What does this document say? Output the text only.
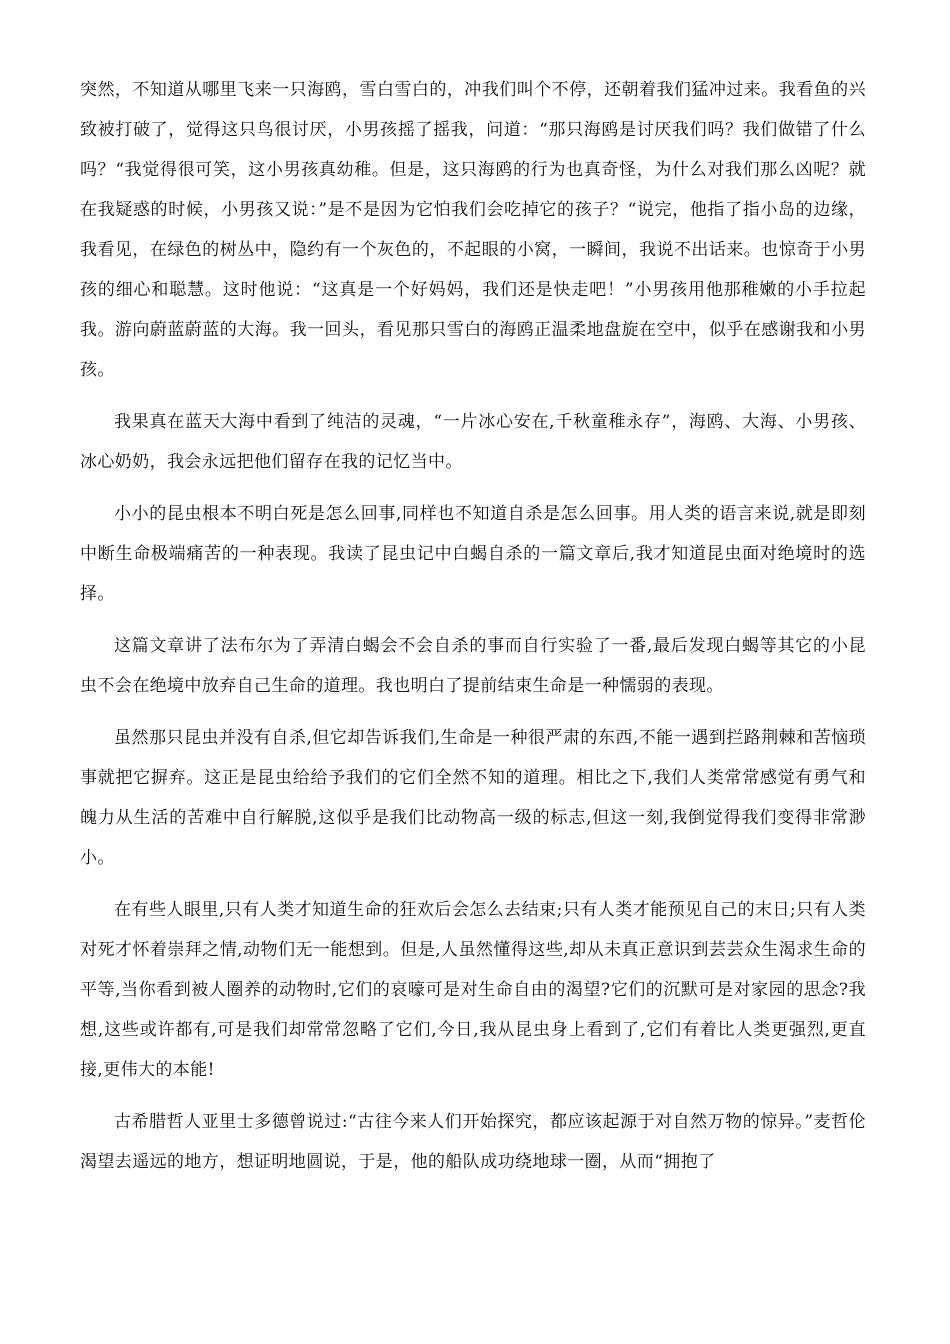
突然，不知道从哪里飞来一只海鸥，雪白雪白的，冲我们叫个不停，还朝着我们猛冲过来。我看鱼的兴致被打破了，觉得这只鸟很讨厌，小男孩摇了摇我，问道：“那只海鸥是讨厌我们吗？我们做错了什么吗？“我觉得很可笑，这小男孩真幼稚。但是，这只海鸥的行为也真奇怪，为什么对我们那么凶呢？就在我疑惑的时候，小男孩又说：”是不是因为它怕我们会吃掉它的孩子？“说完，他指了指小岛的边缘，我看见，在绿色的树丛中，隐约有一个灰色的，不起眼的小窝，一瞬间，我说不出话来。也惊奇于小男孩的细心和聪慧。这时他说：“这真是一个好妈妈，我们还是快走吧！”小男孩用他那稚嫩的小手拉起我。游向蔚蓝蔚蓝的大海。我一回头，看见那只雪白的海鸥正温柔地盘旋在空中，似乎在感谢我和小男孩。

我果真在蓝天大海中看到了纯洁的灵魂，“一片冰心安在,千秋童稚永存”，海鸥、大海、小男孩、冰心奶奶，我会永远把他们留存在我的记忆当中。

小小的昆虫根本不明白死是怎么回事,同样也不知道自杀是怎么回事。用人类的语言来说,就是即刻中断生命极端痛苦的一种表现。我读了昆虫记中白蝎自杀的一篇文章后,我才知道昆虫面对绝境时的选择。

这篇文章讲了法布尔为了弄清白蝎会不会自杀的事而自行实验了一番,最后发现白蝎等其它的小昆虫不会在绝境中放弃自己生命的道理。我也明白了提前结束生命是一种懦弱的表现。

虽然那只昆虫并没有自杀,但它却告诉我们,生命是一种很严肃的东西,不能一遇到拦路荆棘和苦恼琐事就把它摒弃。这正是昆虫给给予我们的它们全然不知的道理。相比之下,我们人类常常感觉有勇气和魄力从生活的苦难中自行解脱,这似乎是我们比动物高一级的标志,但这一刻,我倒觉得我们变得非常渺小。

在有些人眼里,只有人类才知道生命的狂欢后会怎么去结束;只有人类才能预见自己的末日;只有人类对死才怀着崇拜之情,动物们无一能想到。但是,人虽然懂得这些,却从未真正意识到芸芸众生渴求生命的平等,当你看到被人圈养的动物时,它们的哀嚎可是对生命自由的渴望?它们的沉默可是对家园的思念?我想,这些或许都有,可是我们却常常忽略了它们,今日,我从昆虫身上看到了,它们有着比人类更强烈,更直接,更伟大的本能!

古希腊哲人亚里士多德曾说过:“古往今来人们开始探究，都应该起源于对自然万物的惊异。”麦哲伦渴望去遥远的地方，想证明地圆说，于是，他的船队成功绕地球一圈，从而“拥抱了
